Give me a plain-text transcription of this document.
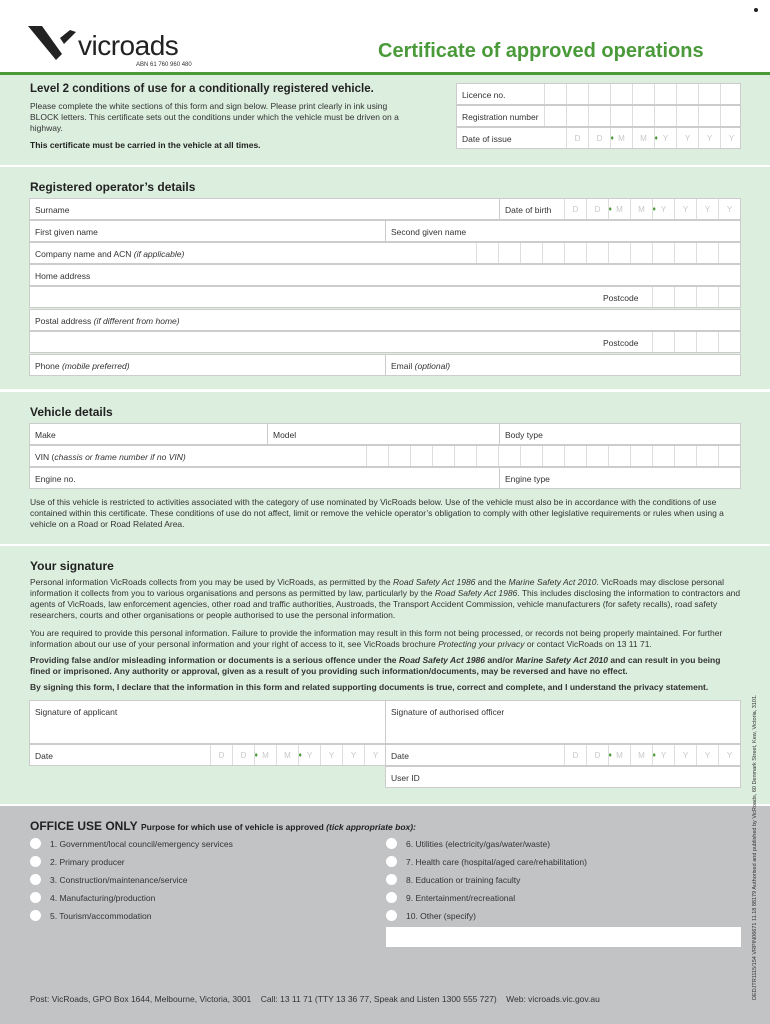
vicroads
ABN 61 760 960 480
Certificate of approved operations
Level 2 conditions of use for a conditionally registered vehicle.
Please complete the white sections of this form and sign below. Please print clearly in ink using BLOCK letters. This certificate sets out the conditions under which the vehicle must be driven on a highway.
This certificate must be carried in the vehicle at all times.
Licence no.
Registration number
Date of issue	D	D ♦	M	M ♦	Y	Y	Y	Y
Registered operator’s details
Surname	Date of birth	D	D ♦	M	M ♦	Y	Y	Y	Y
First given name	Second given name
Company name and ACN (if applicable)
Home address
Postcode
Postal address (if different from home)
Postcode
Phone (mobile preferred)	Email (optional)
Vehicle details
Make	Model	Body type
VIN (chassis or frame number if no VIN)
Engine no.	Engine type
Use of this vehicle is restricted to activities associated with the category of use nominated by VicRoads below. Use of the vehicle must also be in accordance with the conditions of use contained within this certificate. These conditions of use do not affect, limit or remove the vehicle operator’s obligation to comply with other legislative requirements or rules when using a vehicle on a Road or Road Related Area.
Your signature
Personal information VicRoads collects from you may be used by VicRoads, as permitted by the Road Safety Act 1986 and the Marine Safety Act 2010. VicRoads may disclose personal information it collects from you to various organisations and persons as permitted by law, particularly by the Road Safety Act 1986. This includes disclosing the information to contractors and agents of VicRoads, law enforcement agencies, other road and traffic authorities, Austroads, the Transport Accident Commission, vehicle manufacturers (for safety recalls), road safety researchers, courts and other organisations or people authorised to use the personal information.
You are required to provide this personal information. Failure to provide the information may result in this form not being processed, or records not being properly maintained. For further information about our use of your personal information and your right of access to it, see VicRoads brochure Protecting your privacy or contact VicRoads on 13 11 71.
Providing false and/or misleading information or documents is a serious offence under the Road Safety Act 1986 and/or Marine Safety Act 2010 and can result in you being fined or imprisoned. Any authority or approval, given as a result of you providing such information/documents, may be reversed and have no effect.
By signing this form, I declare that the information in this form and related supporting documents is true, correct and complete, and I understand the privacy statement.
Signature of applicant	Signature of authorised officer
Date	D	D ♦	M	M ♦	Y	Y	Y	Y	Date	D	D ♦	M	M ♦	Y	Y	Y	Y
User ID
OFFICE USE ONLY Purpose for which use of vehicle is approved (tick appropriate box):
1. Government/local council/emergency services
2. Primary producer
3. Construction/maintenance/service
4. Manufacturing/production
5. Tourism/accommodation
6. Utilities (electricity/gas/water/waste)
7. Health care (hospital/aged care/rehabilitation)
8. Education or training faculty
9. Entertainment/recreational
10. Other (specify)
Post: VicRoads, GPO Box 1644, Melbourne, Victoria, 3001    Call: 13 11 71 (TTY 13 36 77, Speak and Listen 1300 555 727)    Web: vicroads.vic.gov.au	DEDJTR1115/154 VRPIN06671 11.18 88179 Authorised and published by VicRoads, 60 Denmark Street, Kew, Victoria, 3101.
